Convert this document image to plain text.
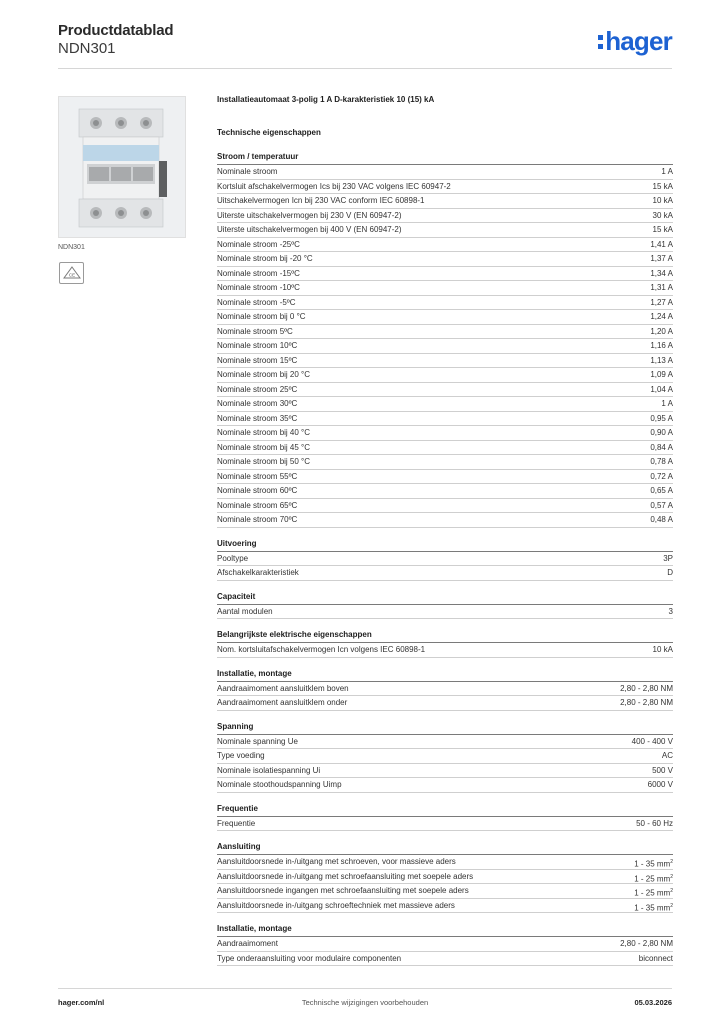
Productdatablad
NDN301	hager
NDN301
CE
Installatieautomaat 3-polig 1 A D-karakteristiek 10 (15) kA
Technische eigenschappen
Stroom / temperatuur
Nominale stroom	1 A
Kortsluit afschakelvermogen Ics bij 230 VAC volgens IEC 60947-2	15 kA
Uitschakelvermogen Icn bij 230 VAC conform IEC 60898-1	10 kA
Uiterste uitschakelvermogen bij 230 V (EN 60947-2)	30 kA
Uiterste uitschakelvermogen bij 400 V (EN 60947-2)	15 kA
Nominale stroom -25ºC	1,41 A
Nominale stroom bij -20 °C	1,37 A
Nominale stroom -15ºC	1,34 A
Nominale stroom -10ºC	1,31 A
Nominale stroom -5ºC	1,27 A
Nominale stroom bij 0 °C	1,24 A
Nominale stroom 5ºC	1,20 A
Nominale stroom 10ºC	1,16 A
Nominale stroom 15ºC	1,13 A
Nominale stroom bij 20 °C	1,09 A
Nominale stroom 25ºC	1,04 A
Nominale stroom 30ºC	1 A
Nominale stroom 35ºC	0,95 A
Nominale stroom bij 40 °C	0,90 A
Nominale stroom bij 45 °C	0,84 A
Nominale stroom bij 50 °C	0,78 A
Nominale stroom 55ºC	0,72 A
Nominale stroom 60ºC	0,65 A
Nominale stroom 65ºC	0,57 A
Nominale stroom 70ºC	0,48 A
Uitvoering
Pooltype	3P
Afschakelkarakteristiek	D
Capaciteit
Aantal modulen	3
Belangrijkste elektrische eigenschappen
Nom. kortsluitafschakelvermogen Icn volgens IEC 60898-1	10 kA
Installatie, montage
Aandraaimoment aansluitklem boven	2,80 - 2,80 NM
Aandraaimoment aansluitklem onder	2,80 - 2,80 NM
Spanning
Nominale spanning Ue	400 - 400 V
Type voeding	AC
Nominale isolatiespanning Ui	500 V
Nominale stoothoudspanning Uimp	6000 V
Frequentie
Frequentie	50 - 60 Hz
Aansluiting
Aansluitdoorsnede in-/uitgang met schroeven, voor massieve aders	1 - 35 $mm^2$
Aansluitdoorsnede in-/uitgang met schroefaansluiting met soepele aders	1 - 25 $mm^2$
Aansluitdoorsnede ingangen met schroefaansluiting met soepele aders	1 - 25 $mm^2$
Aansluitdoorsnede in-/uitgang schroeftechniek met massieve aders	1 - 35 $mm^2$
Installatie, montage
Aandraaimoment	2,80 - 2,80 NM
Type onderaansluiting voor modulaire componenten	biconnect
hager.com/nl	Technische wijzigingen voorbehouden	05.03.2026
